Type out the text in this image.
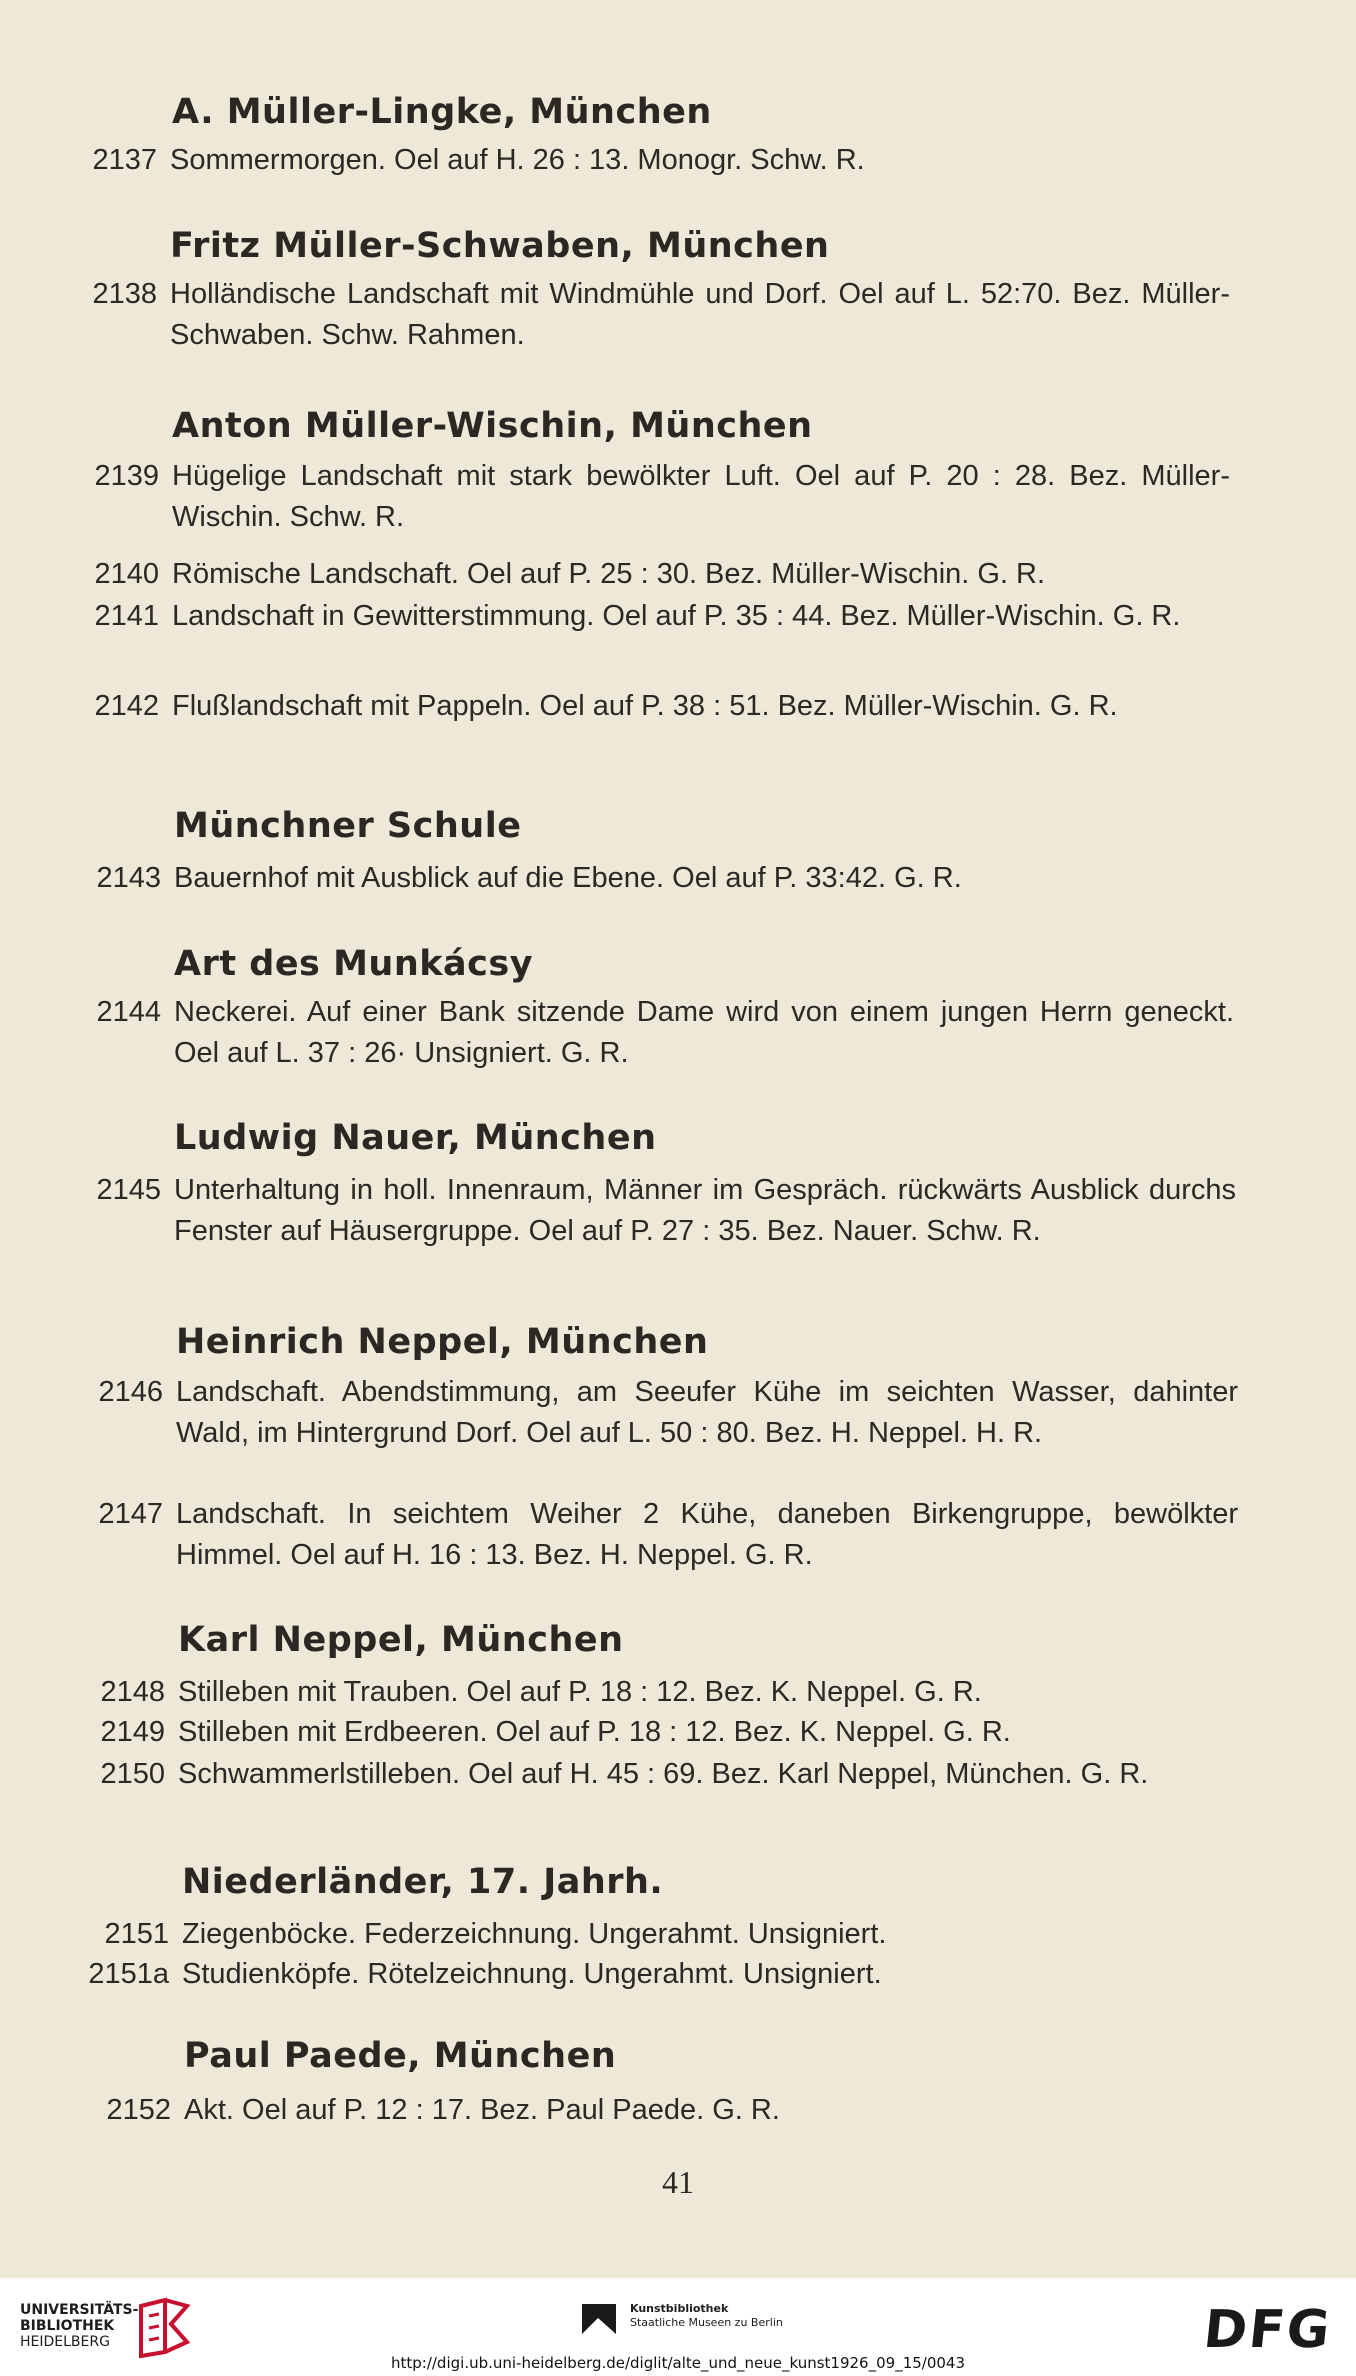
A. Müller-Lingke, München
2137 Sommermorgen. Oel auf H. 26 : 13. Monogr. Schw. R.
Fritz Müller-Schwaben, München
2138 Holländische Landschaft mit Windmühle und Dorf. Oel auf L. 52:70. Bez. Müller-Schwaben. Schw. Rahmen.
Anton Müller-Wischin, München
2139 Hügelige Landschaft mit stark bewölkter Luft. Oel auf P. 20 : 28. Bez. Müller-Wischin. Schw. R.
2140 Römische Landschaft. Oel auf P. 25 : 30. Bez. Müller-Wischin. G. R.
2141 Landschaft in Gewitterstimmung. Oel auf P. 35 : 44. Bez. Müller-Wischin. G. R.
2142 Flußlandschaft mit Pappeln. Oel auf P. 38 : 51. Bez. Müller-Wischin. G. R.
Münchner Schule
2143 Bauernhof mit Ausblick auf die Ebene. Oel auf P. 33:42. G. R.
Art des Munkácsy
2144 Neckerei. Auf einer Bank sitzende Dame wird von einem jungen Herrn geneckt. Oel auf L. 37 : 26· Unsigniert. G. R.
Ludwig Nauer, München
2145 Unterhaltung in holl. Innenraum, Männer im Gespräch. rückwärts Ausblick durchs Fenster auf Häusergruppe. Oel auf P. 27 : 35. Bez. Nauer. Schw. R.
Heinrich Neppel, München
2146 Landschaft. Abendstimmung, am Seeufer Kühe im seichten Wasser, dahinter Wald, im Hintergrund Dorf. Oel auf L. 50 : 80. Bez. H. Neppel. H. R.
2147 Landschaft. In seichtem Weiher 2 Kühe, daneben Birkengruppe, bewölkter Himmel. Oel auf H. 16 : 13. Bez. H. Neppel. G. R.
Karl Neppel, München
2148 Stilleben mit Trauben. Oel auf P. 18 : 12. Bez. K. Neppel. G. R.
2149 Stilleben mit Erdbeeren. Oel auf P. 18 : 12. Bez. K. Neppel. G. R.
2150 Schwammerlstilleben. Oel auf H. 45 : 69. Bez. Karl Neppel, München. G. R.
Niederländer, 17. Jahrh.
2151 Ziegenböcke. Federzeichnung. Ungerahmt. Unsigniert.
2151a Studienköpfe. Rötelzeichnung. Ungerahmt. Unsigniert.
Paul Paede, München
2152 Akt. Oel auf P. 12 : 17. Bez. Paul Paede. G. R.
41
UNIVERSITÄTS-
BIBLIOTHEK
HEIDELBERG
Kunstbibliothek
Staatliche Museen zu Berlin	DFG
http://digi.ub.uni-heidelberg.de/diglit/alte_und_neue_kunst1926_09_15/0043
